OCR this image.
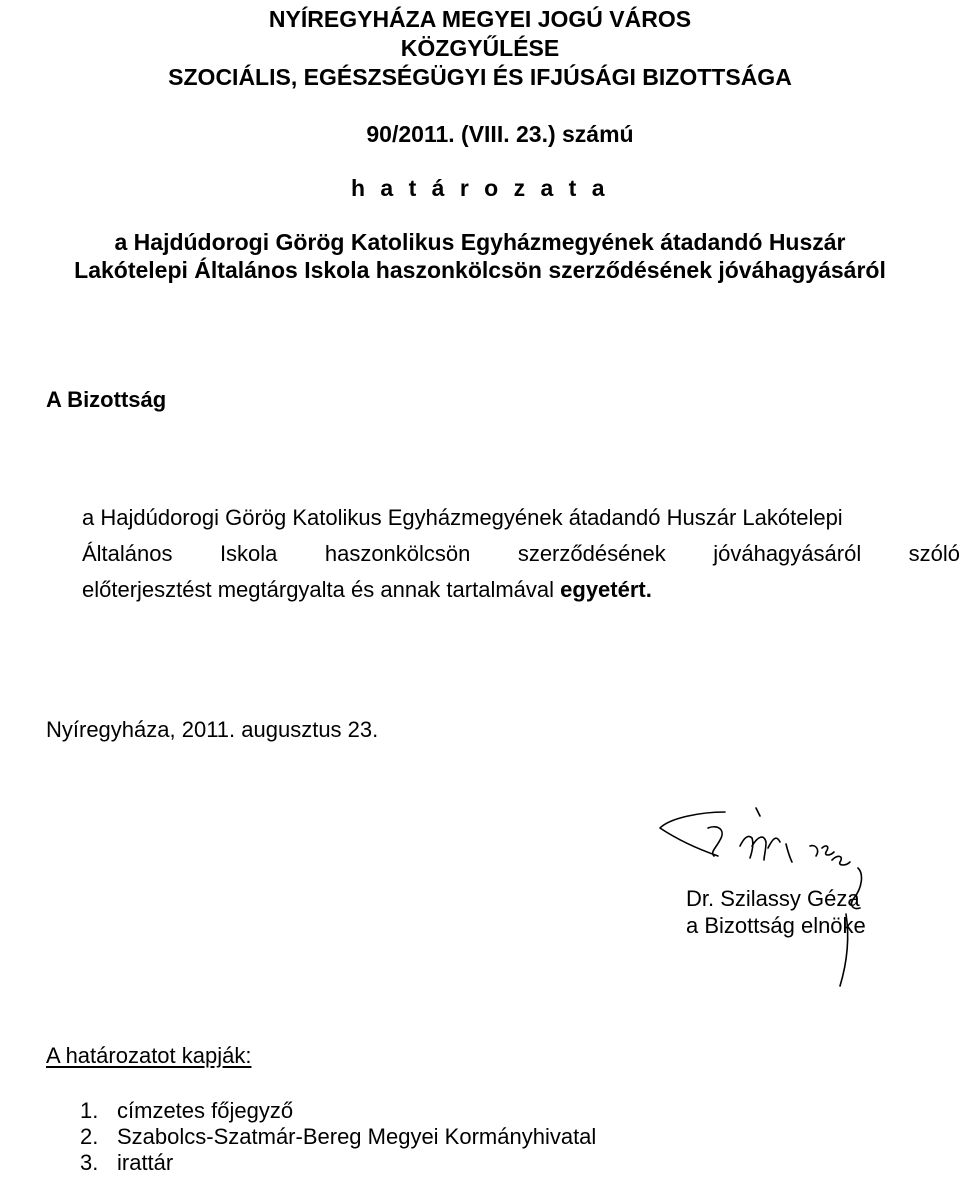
NYÍREGYHÁZA MEGYEI JOGÚ VÁROS
KÖZGYŰLÉSE
SZOCIÁLIS, EGÉSZSÉGÜGYI ÉS IFJÚSÁGI BIZOTTSÁGA
90/2011. (VIII. 23.) számú
h a t á r o z a t a
a Hajdúdorogi Görög Katolikus Egyházmegyének átadandó Huszár
Lakótelepi Általános Iskola haszonkölcsön szerződésének jóváhagyásáról
A Bizottság
a Hajdúdorogi Görög Katolikus Egyházmegyének átadandó Huszár Lakótelepi
Általános Iskola haszonkölcsön szerződésének jóváhagyásáról szóló
előterjesztést megtárgyalta és annak tartalmával egyetért.
Nyíregyháza, 2011. augusztus 23.
Dr. Szilassy Géza
a Bizottság elnöke
A határozatot kapják:
1. címzetes főjegyző
2. Szabolcs-Szatmár-Bereg Megyei Kormányhivatal
3. irattár
